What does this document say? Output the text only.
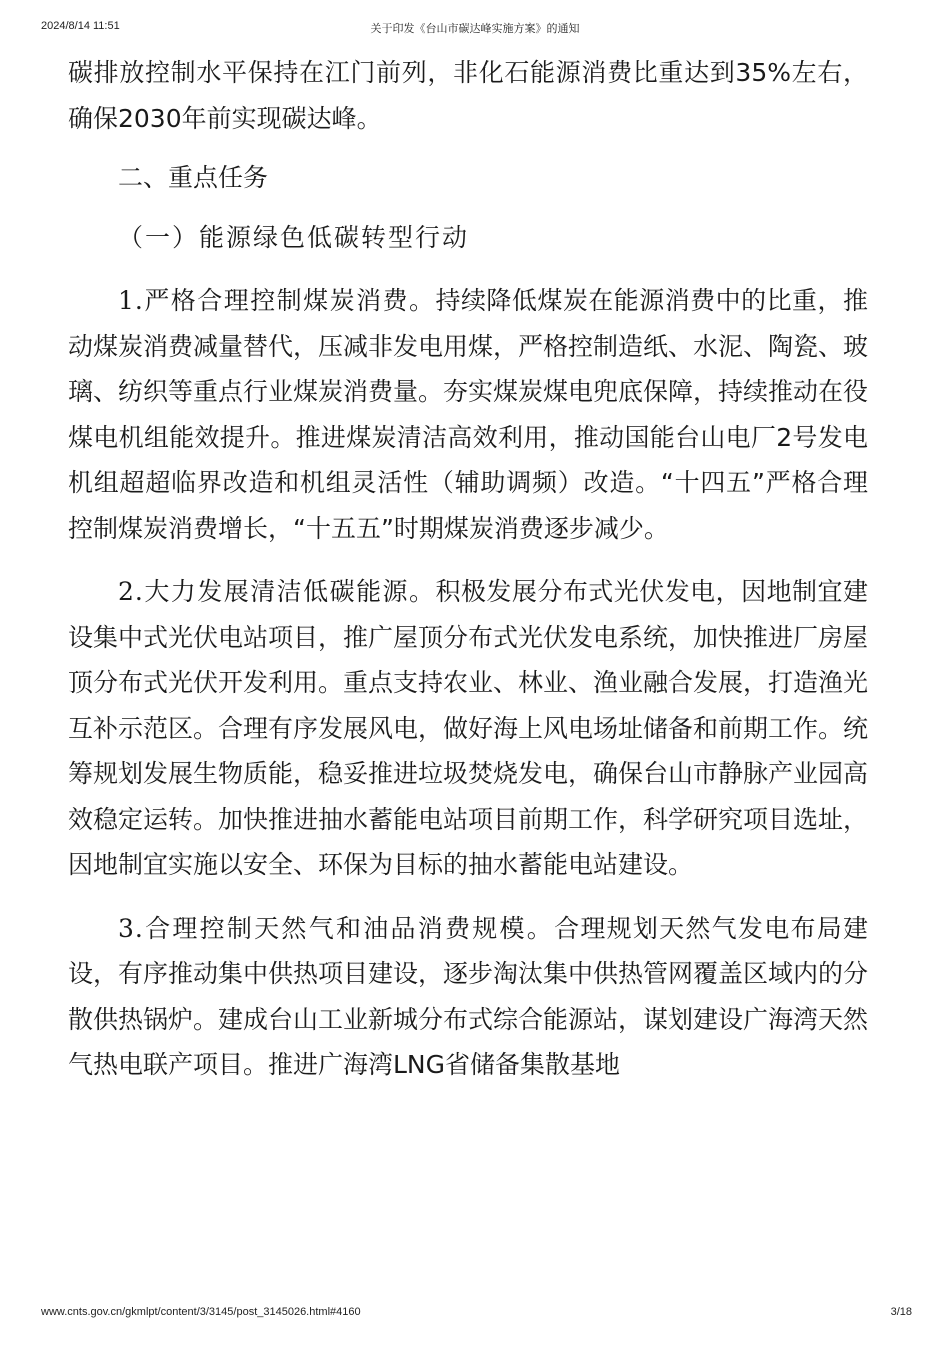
2024/8/14 11:51	关于印发《台山市碳达峰实施方案》的通知

碳排放控制水平保持在江门前列，非化石能源消费比重达到35%左右，确保2030年前实现碳达峰。

二、重点任务

（一）能源绿色低碳转型行动

1.严格合理控制煤炭消费。持续降低煤炭在能源消费中的比重，推动煤炭消费减量替代，压减非发电用煤，严格控制造纸、水泥、陶瓷、玻璃、纺织等重点行业煤炭消费量。夯实煤炭煤电兜底保障，持续推动在役煤电机组能效提升。推进煤炭清洁高效利用，推动国能台山电厂2号发电机组超超临界改造和机组灵活性（辅助调频）改造。“十四五”严格合理控制煤炭消费增长，“十五五”时期煤炭消费逐步减少。

2.大力发展清洁低碳能源。积极发展分布式光伏发电，因地制宜建设集中式光伏电站项目，推广屋顶分布式光伏发电系统，加快推进厂房屋顶分布式光伏开发利用。重点支持农业、林业、渔业融合发展，打造渔光互补示范区。合理有序发展风电，做好海上风电场址储备和前期工作。统筹规划发展生物质能，稳妥推进垃圾焚烧发电，确保台山市静脉产业园高效稳定运转。加快推进抽水蓄能电站项目前期工作，科学研究项目选址，因地制宜实施以安全、环保为目标的抽水蓄能电站建设。

3.合理控制天然气和油品消费规模。合理规划天然气发电布局建设，有序推动集中供热项目建设，逐步淘汰集中供热管网覆盖区域内的分散供热锅炉。建成台山工业新城分布式综合能源站，谋划建设广海湾天然气热电联产项目。推进广海湾LNG省储备集散基地

www.cnts.gov.cn/gkmlpt/content/3/3145/post_3145026.html#4160	3/18
